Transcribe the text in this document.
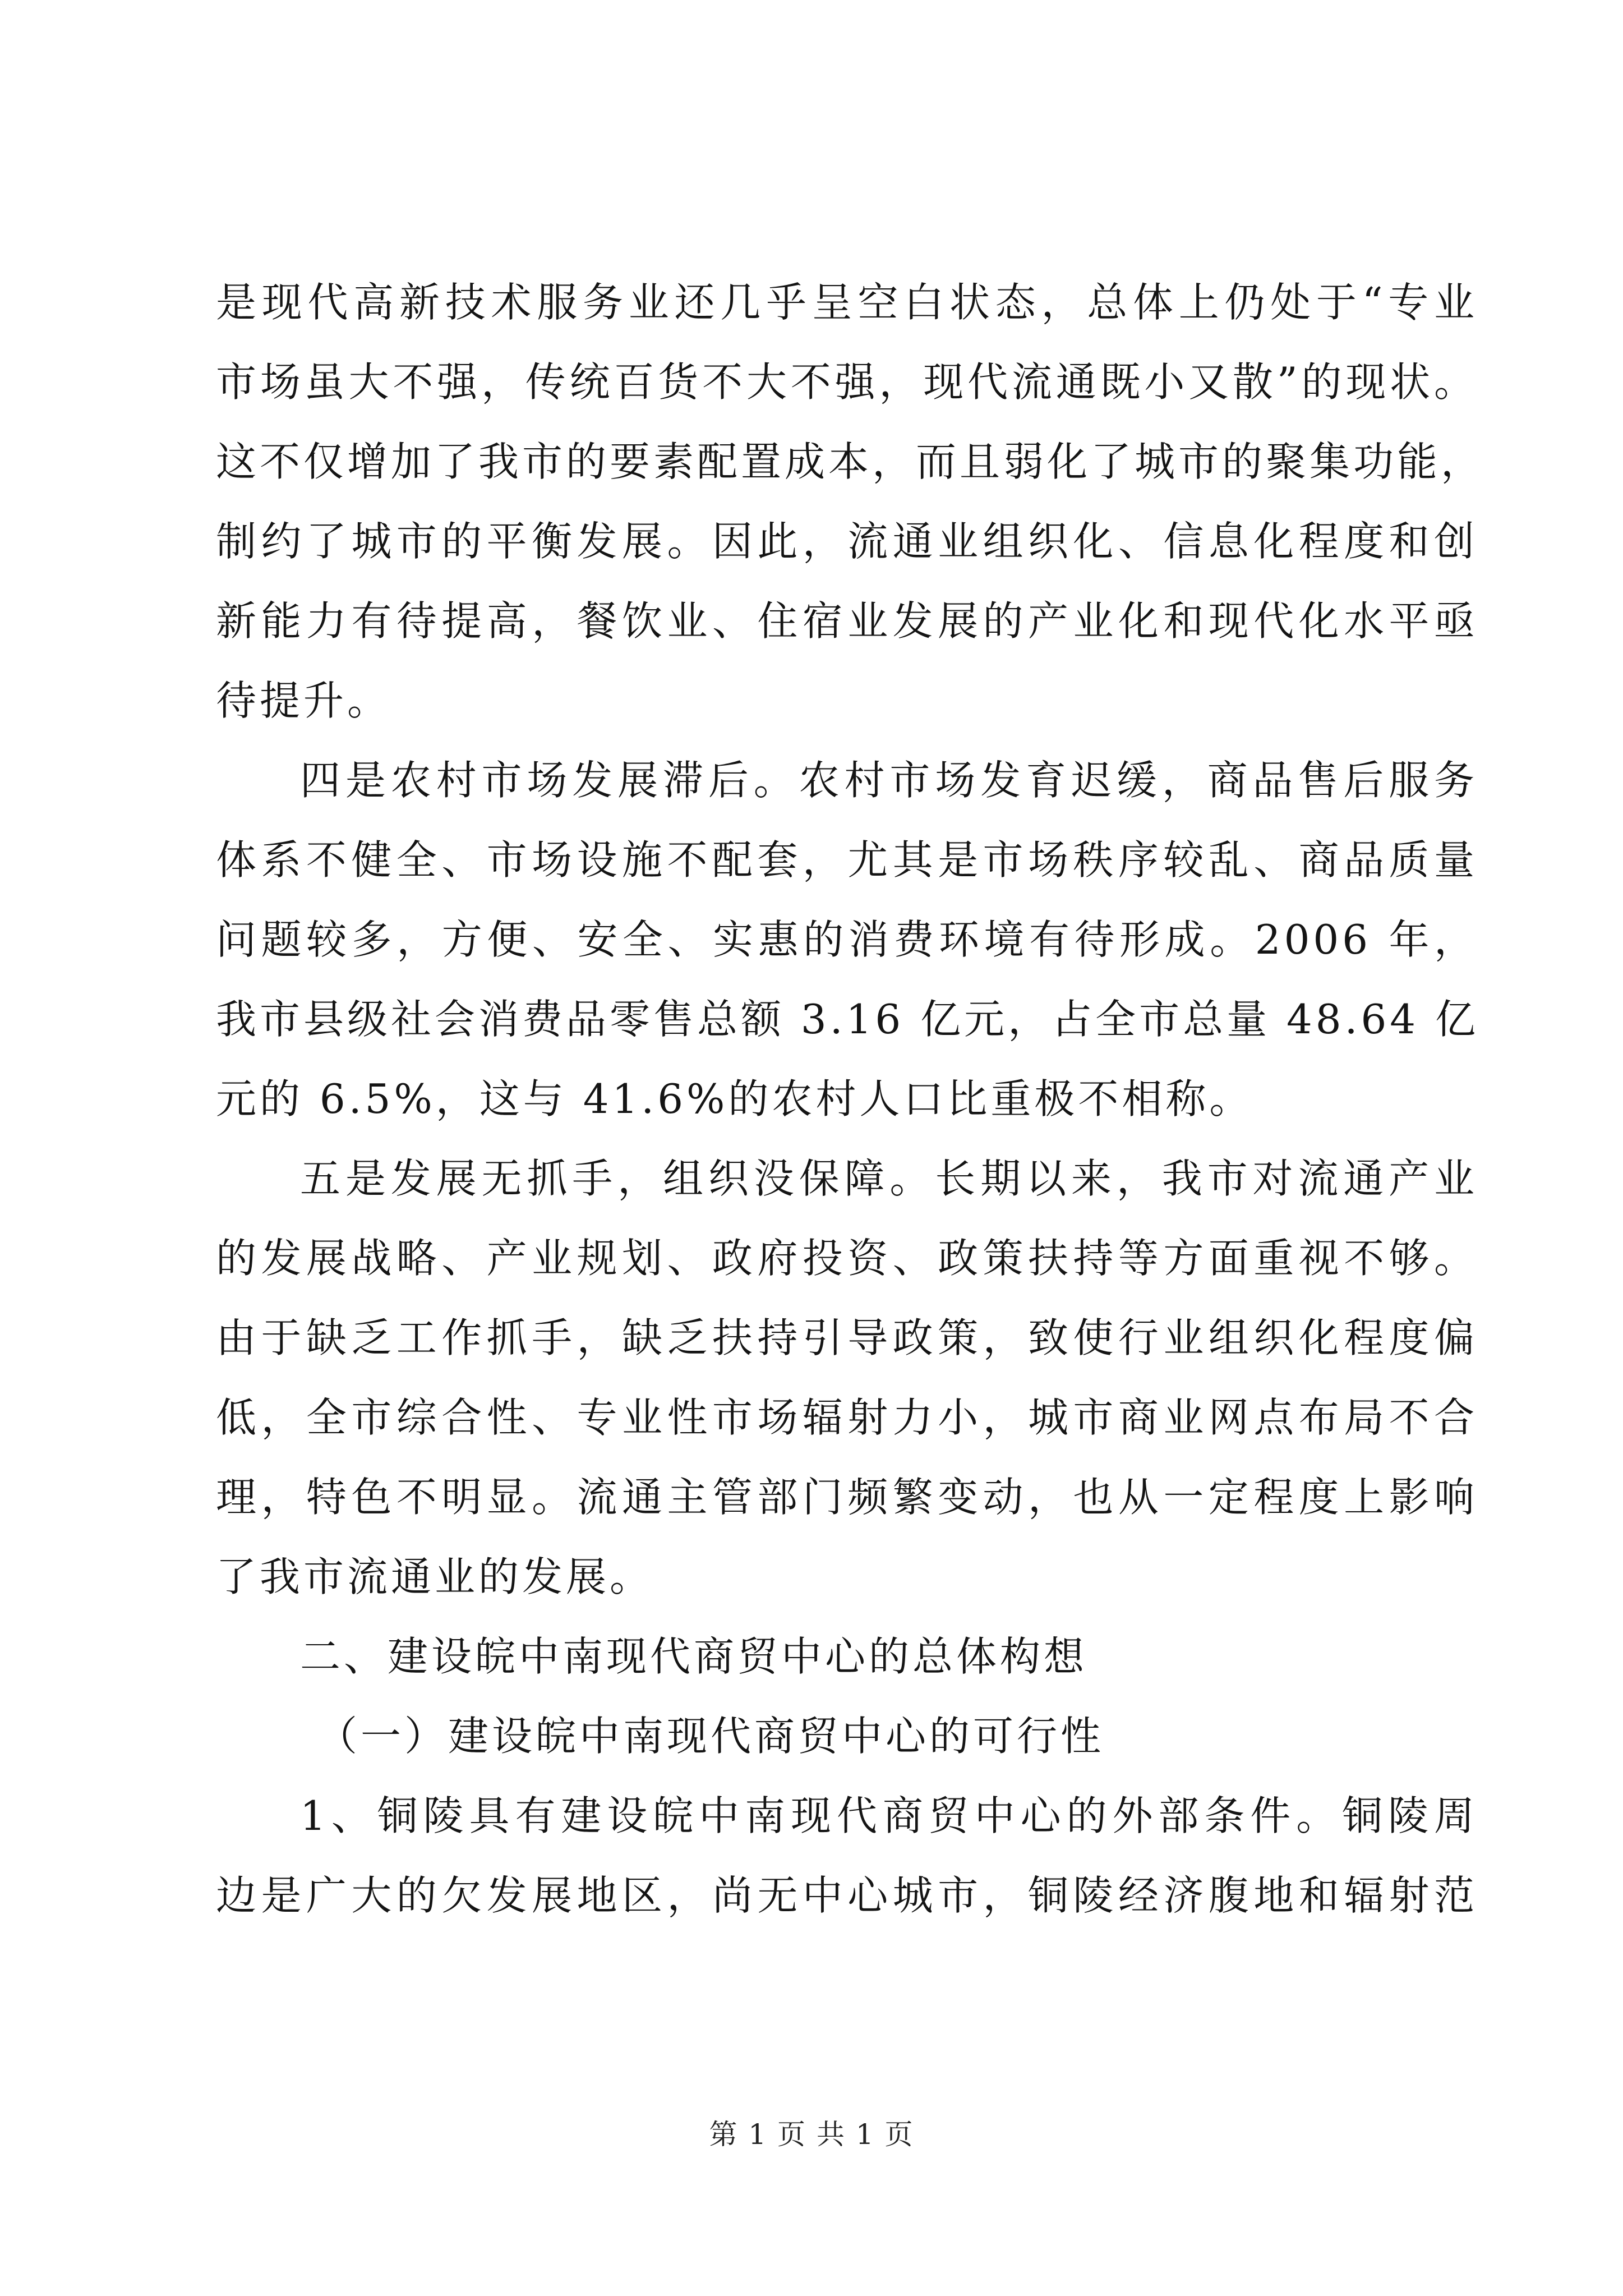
是现代高新技术服务业还几乎呈空白状态，总体上仍处于“专业
市场虽大不强，传统百货不大不强，现代流通既小又散”的现状。
这不仅增加了我市的要素配置成本，而且弱化了城市的聚集功能，
制约了城市的平衡发展。因此，流通业组织化、信息化程度和创
新能力有待提高，餐饮业、住宿业发展的产业化和现代化水平亟
待提升。
四是农村市场发展滞后。农村市场发育迟缓，商品售后服务
体系不健全、市场设施不配套，尤其是市场秩序较乱、商品质量
问题较多，方便、安全、实惠的消费环境有待形成。2006 年，
我市县级社会消费品零售总额 3.16 亿元，占全市总量 48.64 亿
元的 6.5%，这与 41.6%的农村人口比重极不相称。
五是发展无抓手，组织没保障。长期以来，我市对流通产业
的发展战略、产业规划、政府投资、政策扶持等方面重视不够。
由于缺乏工作抓手，缺乏扶持引导政策，致使行业组织化程度偏
低，全市综合性、专业性市场辐射力小，城市商业网点布局不合
理，特色不明显。流通主管部门频繁变动，也从一定程度上影响
了我市流通业的发展。
二、建设皖中南现代商贸中心的总体构想
（一）建设皖中南现代商贸中心的可行性
1、铜陵具有建设皖中南现代商贸中心的外部条件。铜陵周
边是广大的欠发展地区，尚无中心城市，铜陵经济腹地和辐射范
第 1 页 共 1 页
